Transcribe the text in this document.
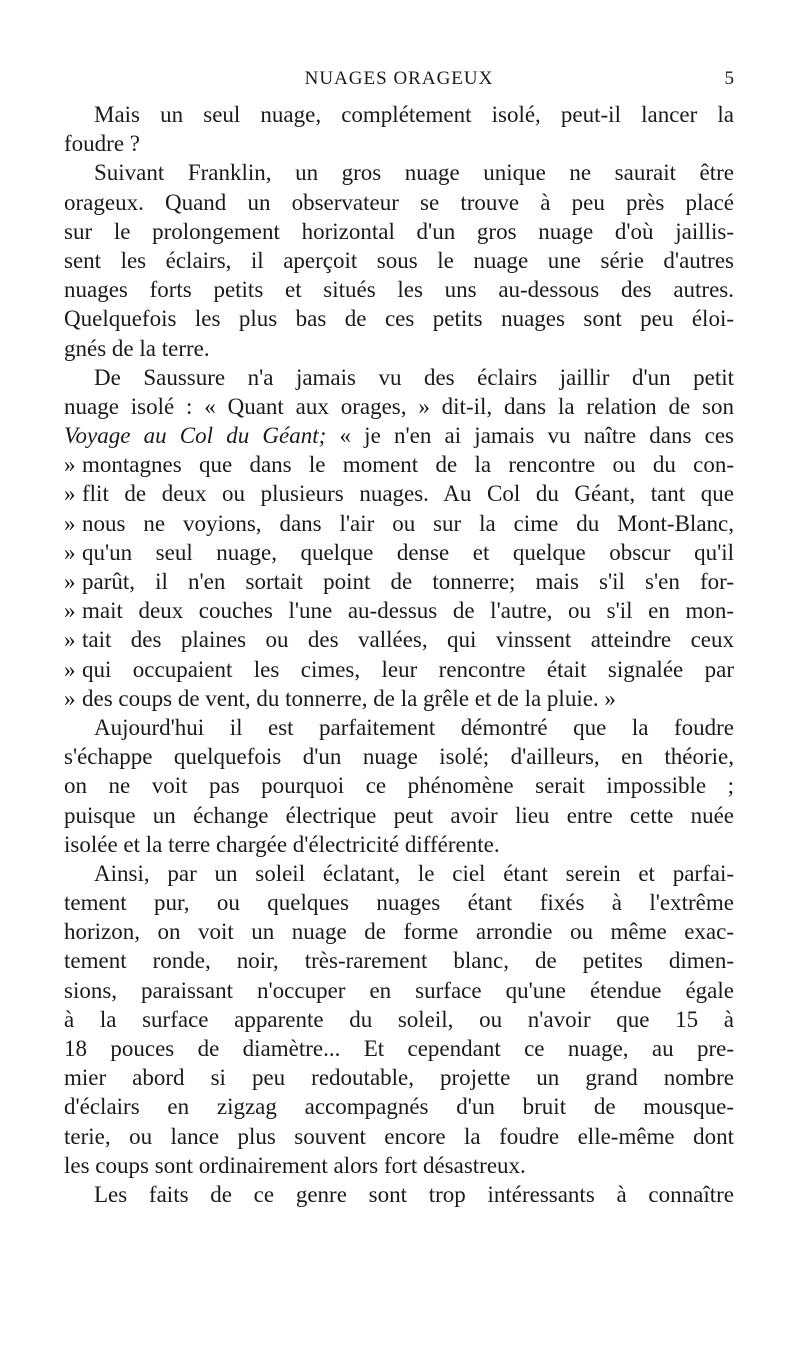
NUAGES ORAGEUX	5
Mais un seul nuage, complétement isolé, peut-il lancer la
foudre ?
Suivant Franklin, un gros nuage unique ne saurait être
orageux. Quand un observateur se trouve à peu près placé
sur le prolongement horizontal d'un gros nuage d'où jaillis-
sent les éclairs, il aperçoit sous le nuage une série d'autres
nuages forts petits et situés les uns au-dessous des autres.
Quelquefois les plus bas de ces petits nuages sont peu éloi-
gnés de la terre.
De Saussure n'a jamais vu des éclairs jaillir d'un petit
nuage isolé : « Quant aux orages, » dit-il, dans la relation de son
Voyage au Col du Géant; « je n'en ai jamais vu naître dans ces
» montagnes que dans le moment de la rencontre ou du con-
» flit de deux ou plusieurs nuages. Au Col du Géant, tant que
» nous ne voyions, dans l'air ou sur la cime du Mont-Blanc,
» qu'un seul nuage, quelque dense et quelque obscur qu'il
» parût, il n'en sortait point de tonnerre; mais s'il s'en for-
» mait deux couches l'une au-dessus de l'autre, ou s'il en mon-
» tait des plaines ou des vallées, qui vinssent atteindre ceux
» qui occupaient les cimes, leur rencontre était signalée par
» des coups de vent, du tonnerre, de la grêle et de la pluie. »
Aujourd'hui il est parfaitement démontré que la foudre
s'échappe quelquefois d'un nuage isolé; d'ailleurs, en théorie,
on ne voit pas pourquoi ce phénomène serait impossible ;
puisque un échange électrique peut avoir lieu entre cette nuée
isolée et la terre chargée d'électricité différente.
Ainsi, par un soleil éclatant, le ciel étant serein et parfai-
tement pur, ou quelques nuages étant fixés à l'extrême
horizon, on voit un nuage de forme arrondie ou même exac-
tement ronde, noir, très-rarement blanc, de petites dimen-
sions, paraissant n'occuper en surface qu'une étendue égale
à la surface apparente du soleil, ou n'avoir que 15 à
18 pouces de diamètre... Et cependant ce nuage, au pre-
mier abord si peu redoutable, projette un grand nombre
d'éclairs en zigzag accompagnés d'un bruit de mousque-
terie, ou lance plus souvent encore la foudre elle-même dont
les coups sont ordinairement alors fort désastreux.
Les faits de ce genre sont trop intéressants à connaître
